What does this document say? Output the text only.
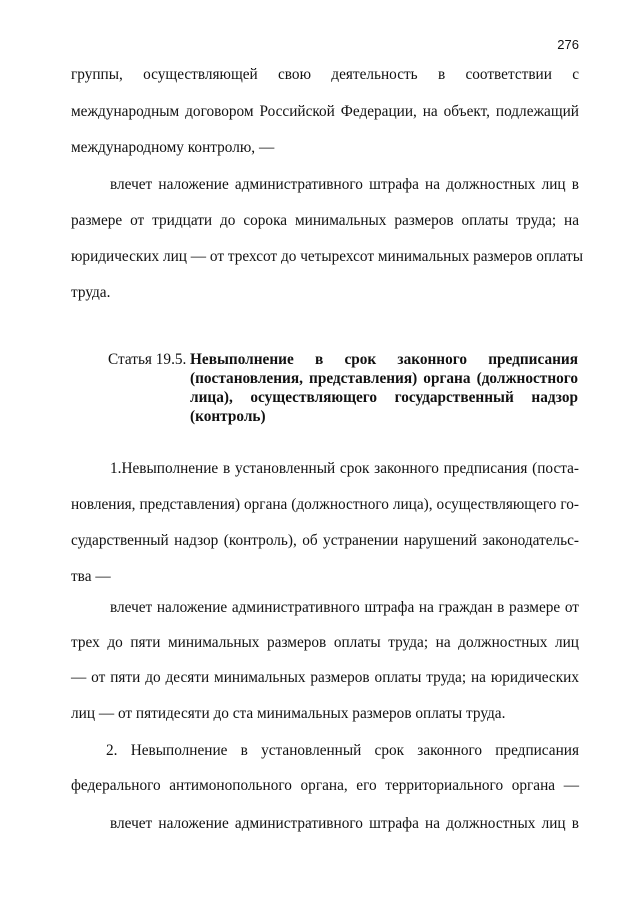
276
группы, осуществляющей свою деятельность в соответствии с
международным договором Российской Федерации, на объект, подлежащий
международному контролю, —
влечет наложение административного штрафа на должностных лиц в
размере от тридцати до сорока минимальных размеров оплаты труда; на
юридических лиц — от трехсот до четырехсот минимальных размеров оплаты
труда.
Статья 19.5. Невыполнение в срок законного предписания
(постановления, представления) органа (должностного
лица), осуществляющего государственный надзор
(контроль)
1.Невыполнение в установленный срок законного предписания (поста-
новления, представления) органа (должностного лица), осуществляющего го-
сударственный надзор (контроль), об устранении нарушений законодательс-
тва —
влечет наложение административного штрафа на граждан в размере от
трех до пяти минимальных размеров оплаты труда; на должностных лиц
— от пяти до десяти минимальных размеров оплаты труда; на юридических
лиц — от пятидесяти до ста минимальных размеров оплаты труда.
2. Невыполнение в установленный срок законного предписания
федерального антимонопольного органа, его территориального органа —
влечет наложение административного штрафа на должностных лиц в
